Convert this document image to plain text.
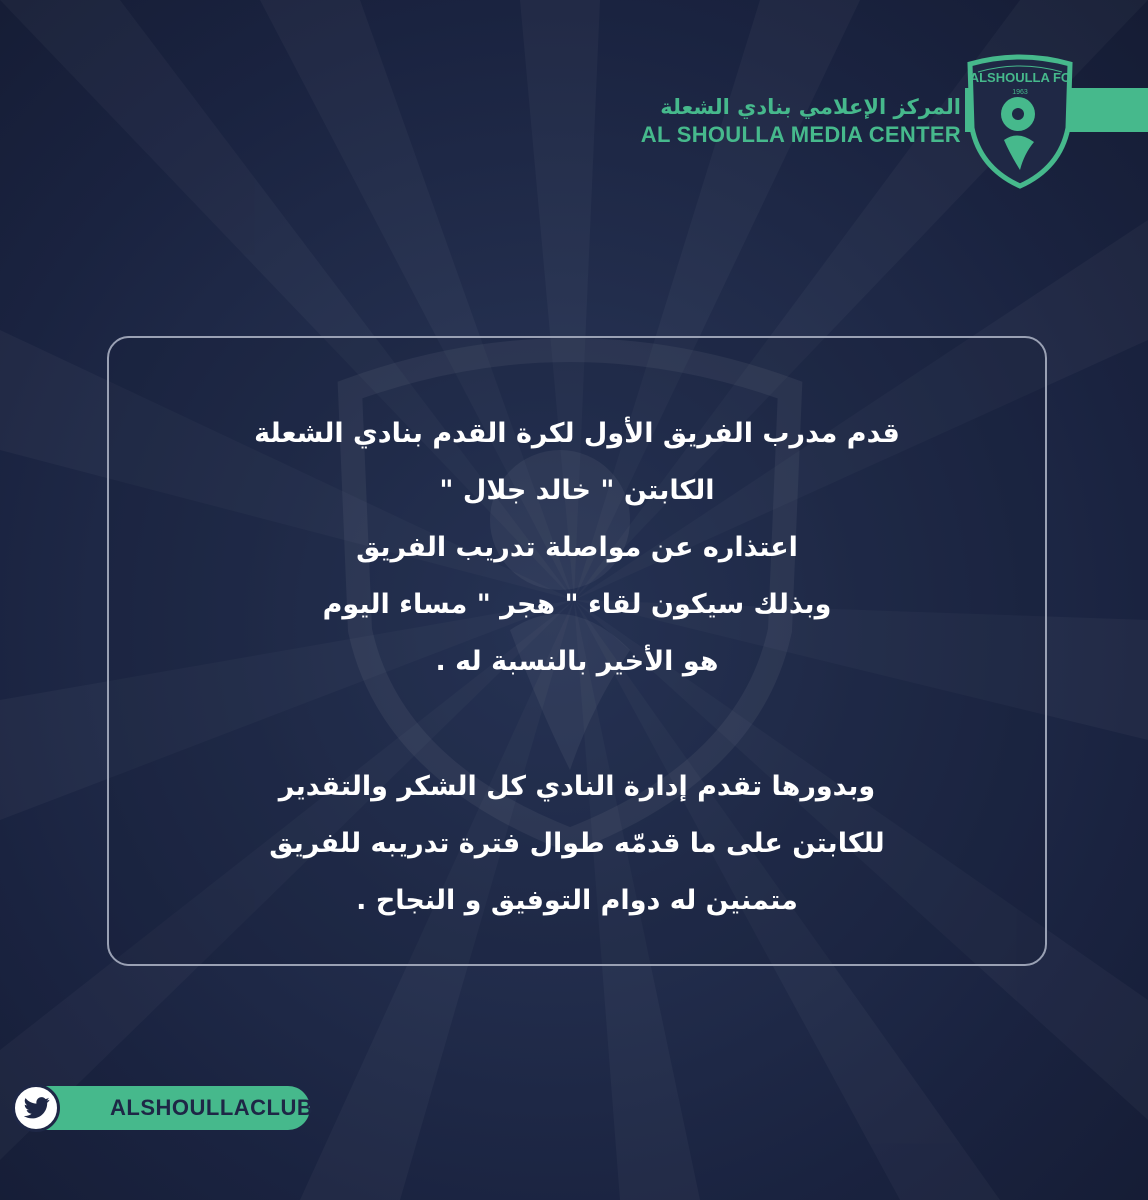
ALSHOULLA FC
1963
المركز الإعلامي بنادي الشعلة
AL SHOULLA MEDIA CENTER
قدم مدرب الفريق الأول لكرة القدم بنادي الشعلة
الكابتن " خالد جلال "
اعتذاره عن مواصلة تدريب الفريق
وبذلك سيكون لقاء " هجر " مساء اليوم
هو الأخير بالنسبة له .
وبدورها تقدم إدارة النادي كل الشكر والتقدير
للكابتن على ما قدمّه طوال فترة تدريبه للفريق
متمنين له دوام التوفيق و النجاح .
ALSHOULLACLUB
